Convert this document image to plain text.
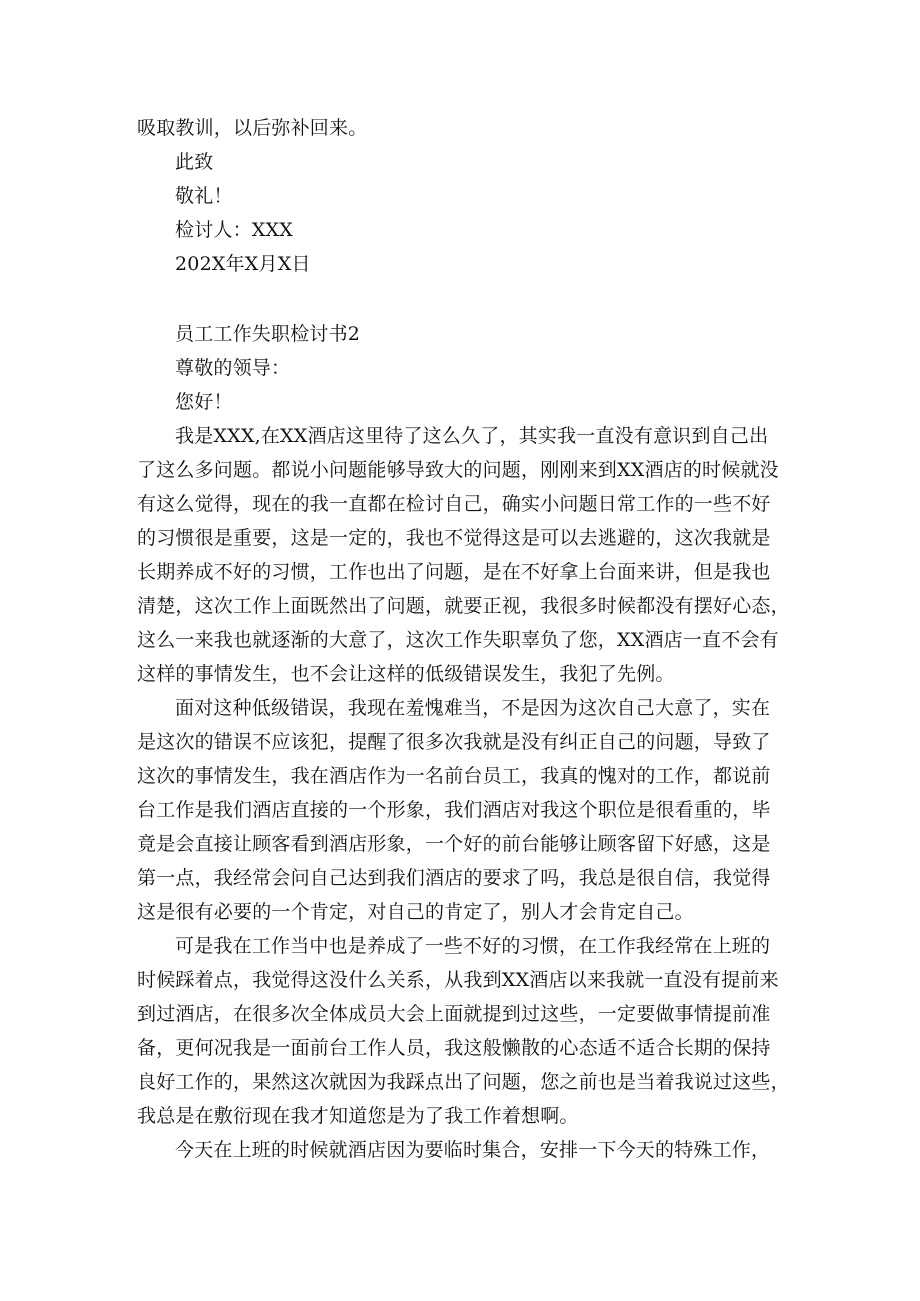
吸取教训，以后弥补回来。
此致
敬礼！
检讨人：XXX
202X年X月X日
员工工作失职检讨书2
尊敬的领导：
您好！
我是XXX,在XX酒店这里待了这么久了，其实我一直没有意识到自己出
了这么多问题。都说小问题能够导致大的问题，刚刚来到XX酒店的时候就没
有这么觉得，现在的我一直都在检讨自己，确实小问题日常工作的一些不好
的习惯很是重要，这是一定的，我也不觉得这是可以去逃避的，这次我就是
长期养成不好的习惯，工作也出了问题，是在不好拿上台面来讲，但是我也
清楚，这次工作上面既然出了问题，就要正视，我很多时候都没有摆好心态，
这么一来我也就逐渐的大意了，这次工作失职辜负了您，XX酒店一直不会有
这样的事情发生，也不会让这样的低级错误发生，我犯了先例。
面对这种低级错误，我现在羞愧难当，不是因为这次自己大意了，实在
是这次的错误不应该犯，提醒了很多次我就是没有纠正自己的问题，导致了
这次的事情发生，我在酒店作为一名前台员工，我真的愧对的工作，都说前
台工作是我们酒店直接的一个形象，我们酒店对我这个职位是很看重的，毕
竟是会直接让顾客看到酒店形象，一个好的前台能够让顾客留下好感，这是
第一点，我经常会问自己达到我们酒店的要求了吗，我总是很自信，我觉得
这是很有必要的一个肯定，对自己的肯定了，别人才会肯定自己。
可是我在工作当中也是养成了一些不好的习惯，在工作我经常在上班的
时候踩着点，我觉得这没什么关系，从我到XX酒店以来我就一直没有提前来
到过酒店，在很多次全体成员大会上面就提到过这些，一定要做事情提前准
备，更何况我是一面前台工作人员，我这般懒散的心态适不适合长期的保持
良好工作的，果然这次就因为我踩点出了问题，您之前也是当着我说过这些，
我总是在敷衍现在我才知道您是为了我工作着想啊。
今天在上班的时候就酒店因为要临时集合，安排一下今天的特殊工作，
